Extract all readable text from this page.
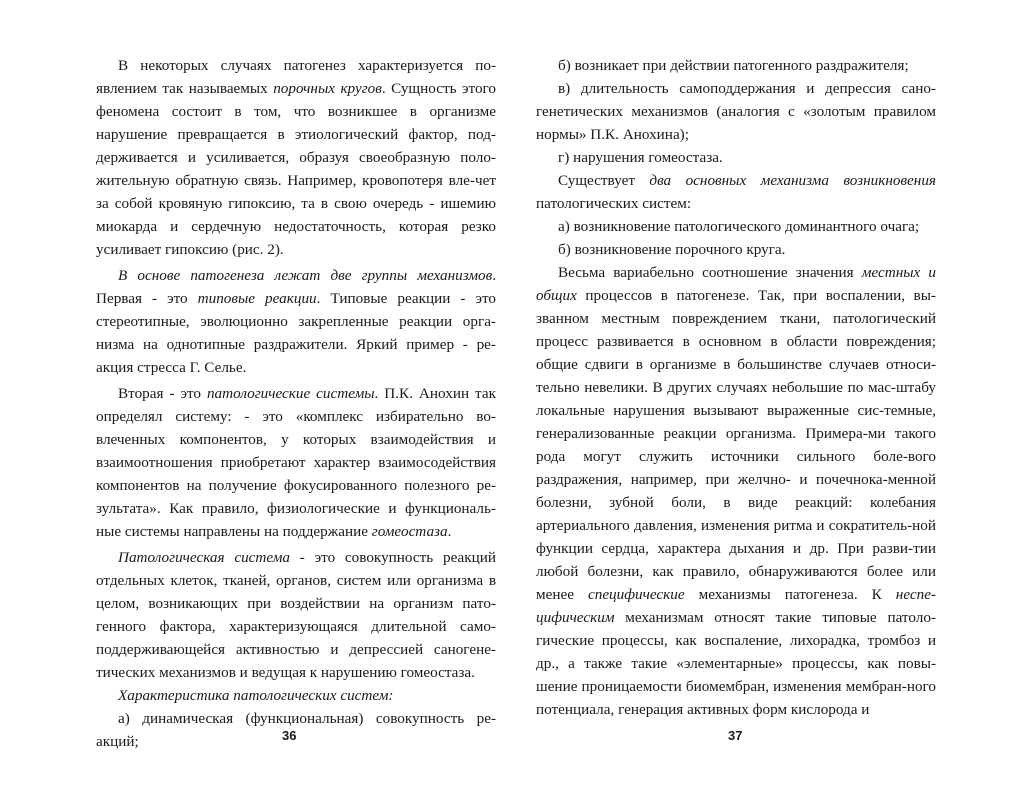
В некоторых случаях патогенез характеризуется по-явлением так называемых порочных кругов. Сущность этого феномена состоит в том, что возникшее в организме нарушение превращается в этиологический фактор, под-держивается и усиливается, образуя своеобразную поло-жительную обратную связь. Например, кровопотеря вле-чет за собой кровяную гипоксию, та в свою очередь - ишемию миокарда и сердечную недостаточность, которая резко усиливает гипоксию (рис. 2).

В основе патогенеза лежат две группы механизмов. Первая - это типовые реакции. Типовые реакции - это стереотипные, эволюционно закрепленные реакции орга-низма на однотипные раздражители. Яркий пример - ре-акция стресса Г. Селье.

Вторая - это патологические системы. П.К. Анохин так определял систему: - это «комплекс избирательно во-влеченных компонентов, у которых взаимодействия и взаимоотношения приобретают характер взаимосодействия компонентов на получение фокусированного полезного ре-зультата». Как правило, физиологические и функциональ-ные системы направлены на поддержание гомеостаза.

Патологическая система - это совокупность реакций отдельных клеток, тканей, органов, систем или организма в целом, возникающих при воздействии на организм пато-генного фактора, характеризующаяся длительной само-поддерживающейся активностью и депрессией саногене-тических механизмов и ведущая к нарушению гомеостаза.

Характеристика патологических систем:

а) динамическая (функциональная) совокупность ре-акций;	36

б) возникает при действии патогенного раздражителя;

в) длительность самоподдержания и депрессия сано-генетических механизмов (аналогия с «золотым правилом нормы» П.К. Анохина);

г) нарушения гомеостаза.

Существует два основных механизма возникновения патологических систем:

а) возникновение патологического доминантного очага;

б) возникновение порочного круга.

Весьма вариабельно соотношение значения местных и общих процессов в патогенезе. Так, при воспалении, вы-званном местным повреждением ткани, патологический процесс развивается в основном в области повреждения; общие сдвиги в организме в большинстве случаев относи-тельно невелики. В других случаях небольшие по мас-штабу локальные нарушения вызывают выраженные сис-темные, генерализованные реакции организма. Примера-ми такого рода могут служить источники сильного боле-вого раздражения, например, при желчно- и почечнока-менной болезни, зубной боли, в виде реакций: колебания артериального давления, изменения ритма и сократитель-ной функции сердца, характера дыхания и др. При разви-тии любой болезни, как правило, обнаруживаются более или менее специфические механизмы патогенеза. К неспе-цифическим механизмам относят такие типовые патоло-гические процессы, как воспаление, лихорадка, тромбоз и др., а также такие «элементарные» процессы, как повы-шение проницаемости биомембран, изменения мембран-ного потенциала, генерация активных форм кислорода и

37
